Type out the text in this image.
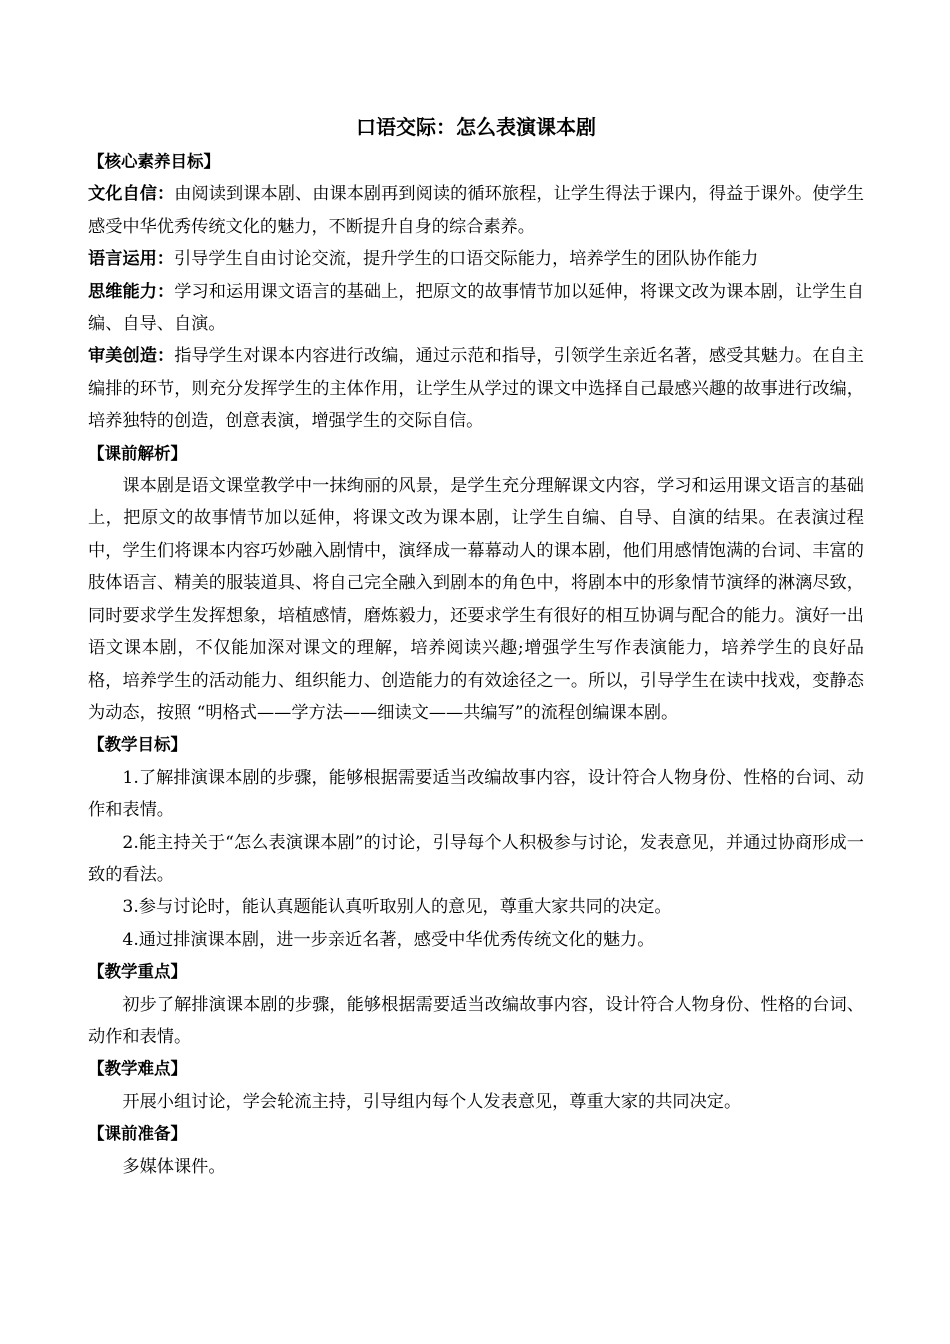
口语交际：怎么表演课本剧

【核心素养目标】

文化自信：由阅读到课本剧、由课本剧再到阅读的循环旅程，让学生得法于课内，得益于课外。使学生感受中华优秀传统文化的魅力，不断提升自身的综合素养。

语言运用：引导学生自由讨论交流，提升学生的口语交际能力，培养学生的团队协作能力

思维能力：学习和运用课文语言的基础上，把原文的故事情节加以延伸，将课文改为课本剧，让学生自编、自导、自演。

审美创造：指导学生对课本内容进行改编，通过示范和指导，引领学生亲近名著，感受其魅力。在自主编排的环节，则充分发挥学生的主体作用，让学生从学过的课文中选择自己最感兴趣的故事进行改编，培养独特的创造，创意表演，增强学生的交际自信。

【课前解析】

课本剧是语文课堂教学中一抹绚丽的风景，是学生充分理解课文内容，学习和运用课文语言的基础上，把原文的故事情节加以延伸，将课文改为课本剧，让学生自编、自导、自演的结果。在表演过程中，学生们将课本内容巧妙融入剧情中，演绎成一幕幕动人的课本剧，他们用感情饱满的台词、丰富的肢体语言、精美的服装道具、将自己完全融入到剧本的角色中，将剧本中的形象情节演绎的淋漓尽致，同时要求学生发挥想象，培植感情，磨炼毅力，还要求学生有很好的相互协调与配合的能力。演好一出语文课本剧，不仅能加深对课文的理解，培养阅读兴趣;增强学生写作表演能力，培养学生的良好品格，培养学生的活动能力、组织能力、创造能力的有效途径之一。所以，引导学生在读中找戏，变静态为动态，按照 “明格式——学方法——细读文——共编写”的流程创编课本剧。

【教学目标】

1.了解排演课本剧的步骤，能够根据需要适当改编故事内容，设计符合人物身份、性格的台词、动作和表情。

2.能主持关于“怎么表演课本剧”的讨论，引导每个人积极参与讨论，发表意见，并通过协商形成一致的看法。

3.参与讨论时，能认真题能认真听取别人的意见，尊重大家共同的决定。

4.通过排演课本剧，进一步亲近名著，感受中华优秀传统文化的魅力。

【教学重点】

初步了解排演课本剧的步骤，能够根据需要适当改编故事内容，设计符合人物身份、性格的台词、动作和表情。

【教学难点】

开展小组讨论，学会轮流主持，引导组内每个人发表意见，尊重大家的共同决定。

【课前准备】

多媒体课件。
